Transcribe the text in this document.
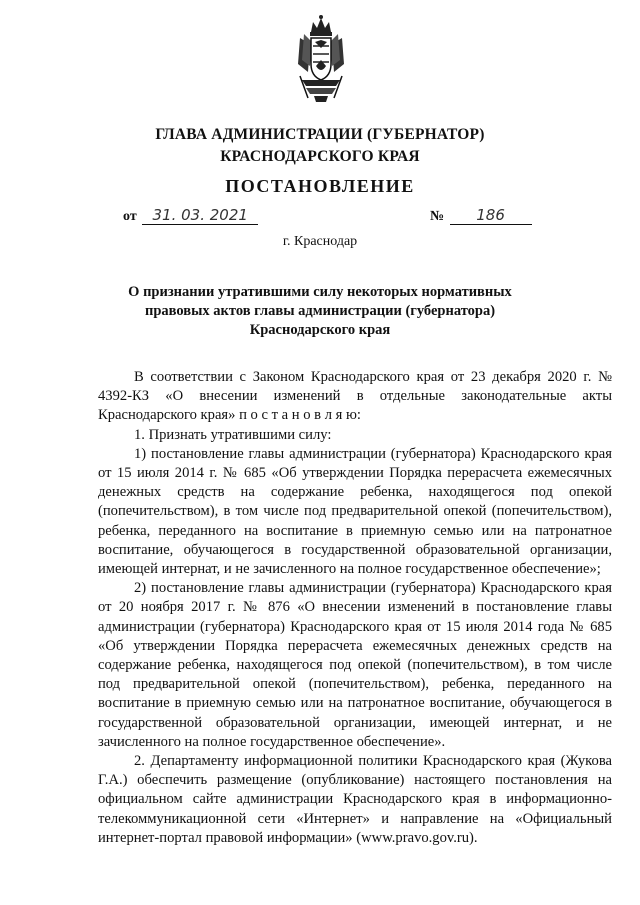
ГЛАВА АДМИНИСТРАЦИИ (ГУБЕРНАТОР)
КРАСНОДАРСКОГО КРАЯ
ПОСТАНОВЛЕНИЕ
от 31. 03. 2021	№ 186
г. Краснодар
О признании утратившими силу некоторых нормативных
правовых актов главы администрации (губернатора)
Краснодарского края

В соответствии с Законом Краснодарского края от 23 декабря 2020 г. № 4392-КЗ «О внесении изменений в отдельные законодательные акты Краснодарского края» п о с т а н о в л я ю:

1. Признать утратившими силу:

1) постановление главы администрации (губернатора) Краснодарского края от 15 июля 2014 г. № 685 «Об утверждении Порядка перерасчета ежемесячных денежных средств на содержание ребенка, находящегося под опекой (попечительством), в том числе под предварительной опекой (попечительством), ребенка, переданного на воспитание в приемную семью или на патронатное воспитание, обучающегося в государственной образовательной организации, имеющей интернат, и не зачисленного на полное государственное обеспечение»;

2) постановление главы администрации (губернатора) Краснодарского края от 20 ноября 2017 г. № 876 «О внесении изменений в постановление главы администрации (губернатора) Краснодарского края от 15 июля 2014 года № 685 «Об утверждении Порядка перерасчета ежемесячных денежных средств на содержание ребенка, находящегося под опекой (попечительством), в том числе под предварительной опекой (попечительством), ребенка, переданного на воспитание в приемную семью или на патронатное воспитание, обучающегося в государственной образовательной организации, имеющей интернат, и не зачисленного на полное государственное обеспечение».

2. Департаменту информационной политики Краснодарского края (Жукова Г.А.) обеспечить размещение (опубликование) настоящего постановления на официальном сайте администрации Краснодарского края в информационно-телекоммуникационной сети «Интернет» и направление на «Официальный интернет-портал правовой информации» (www.pravo.gov.ru).
